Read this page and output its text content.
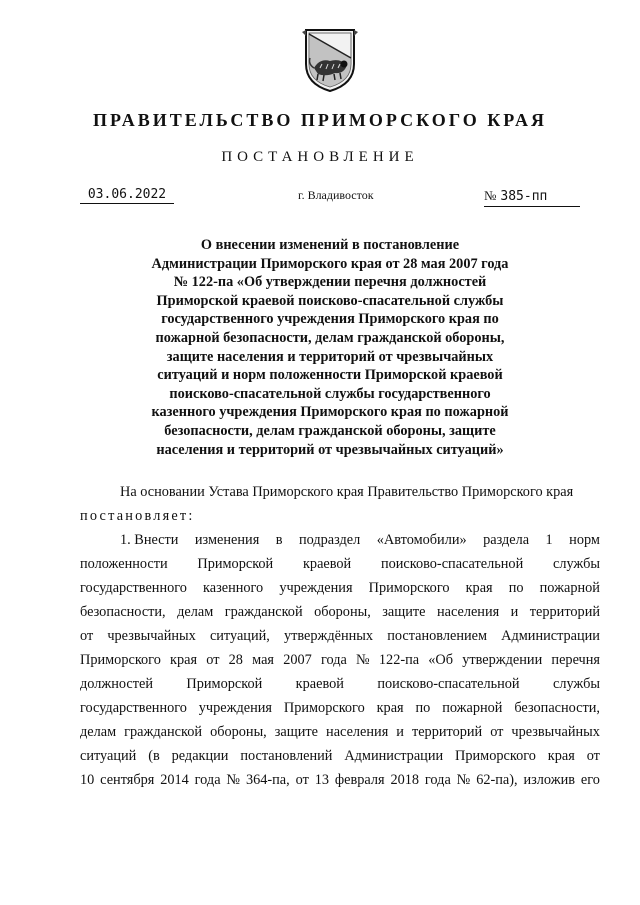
ПРАВИТЕЛЬСТВО ПРИМОРСКОГО КРАЯ
ПОСТАНОВЛЕНИЕ
03.06.2022	г. Владивосток	№ 385-пп
О внесении изменений в постановление
Администрации Приморского края от 28 мая 2007 года
№ 122-па «Об утверждении перечня должностей
Приморской краевой поисково-спасательной службы
государственного учреждения Приморского края по
пожарной безопасности, делам гражданской обороны,
защите населения и территорий от чрезвычайных
ситуаций и норм положенности Приморской краевой
поисково-спасательной службы государственного
казенного учреждения Приморского края по пожарной
безопасности, делам гражданской обороны, защите
населения и территорий от чрезвычайных ситуаций»
На основании Устава Приморского края Правительство Приморского края
постановляет:
1. Внести изменения в подраздел «Автомобили» раздела 1 норм
положенности Приморской краевой поисково-спасательной службы
государственного казенного учреждения Приморского края по пожарной
безопасности, делам гражданской обороны, защите населения и территорий
от чрезвычайных ситуаций, утверждённых постановлением Администрации
Приморского края от 28 мая 2007 года № 122-па «Об утверждении перечня
должностей Приморской краевой поисково-спасательной службы
государственного учреждения Приморского края по пожарной безопасности,
делам гражданской обороны, защите населения и территорий от чрезвычайных
ситуаций (в редакции постановлений Администрации Приморского края от
10 сентября 2014 года № 364-па, от 13 февраля 2018 года № 62-па), изложив его
